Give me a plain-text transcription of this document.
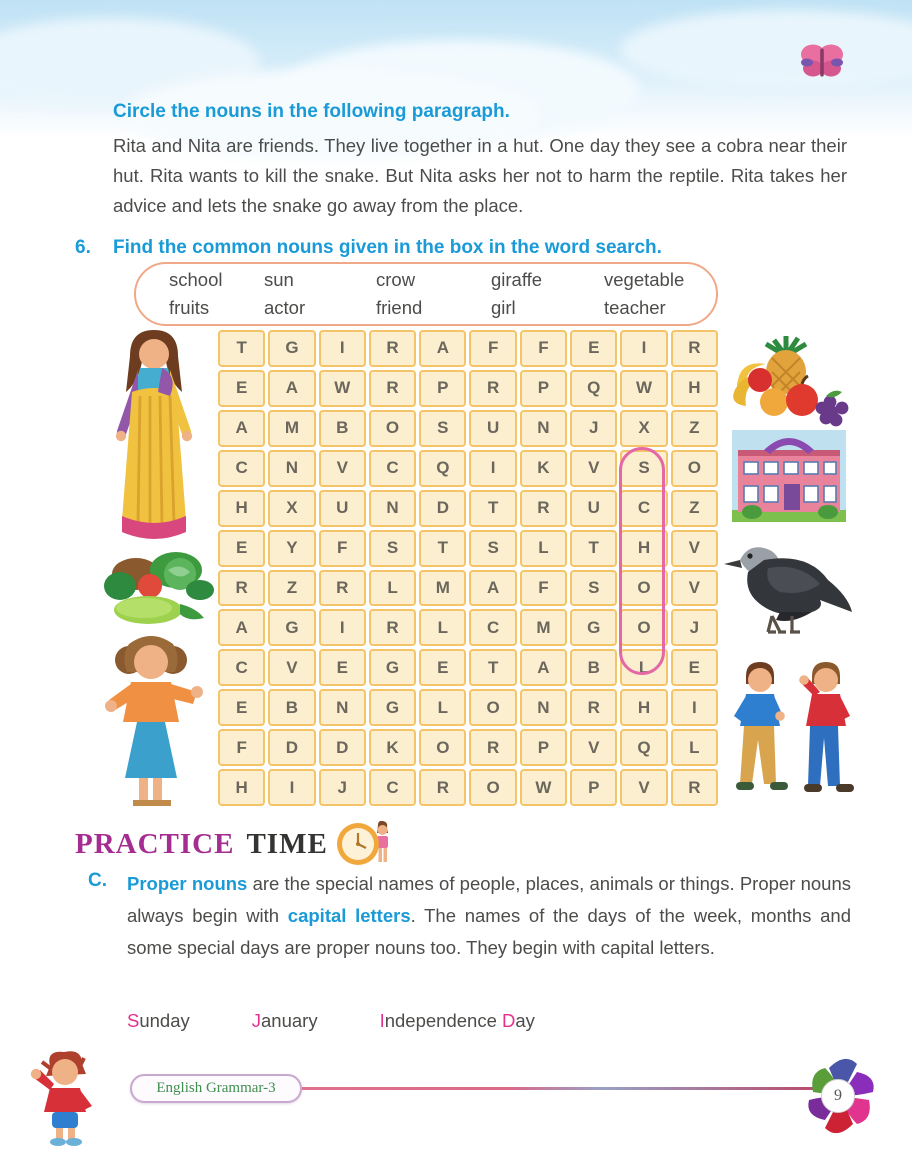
Circle the nouns in the following paragraph.
Rita and Nita are friends. They live together in a hut. One day they see a cobra near their hut. Rita wants to kill the snake. But Nita asks her not to harm the reptile. Rita takes her advice and lets the snake go away from the place.
6. Find the common nouns given in the box in the word search.
school	sun	crow	giraffe	vegetable
fruits	actor	friend	girl	teacher
T	G	I	R	A	F	F	E	I	R
E	A	W	R	P	R	P	Q	W	H
A	M	B	O	S	U	N	J	X	Z
C	N	V	C	Q	I	K	V	S	O
H	X	U	N	D	T	R	U	C	Z
E	Y	F	S	T	S	L	T	H	V
R	Z	R	L	M	A	F	S	O	V
A	G	I	R	L	C	M	G	O	J
C	V	E	G	E	T	A	B	L	E
E	B	N	G	L	O	N	R	H	I
F	D	D	K	O	R	P	V	Q	L
H	I	J	C	R	O	W	P	V	R
PRACTICE TIME
C. Proper nouns are the special names of people, places, animals or things. Proper nouns always begin with capital letters. The names of the days of the week, months and some special days are proper nouns too. They begin with capital letters.
Sunday	January	Independence Day
English Grammar-3	9
